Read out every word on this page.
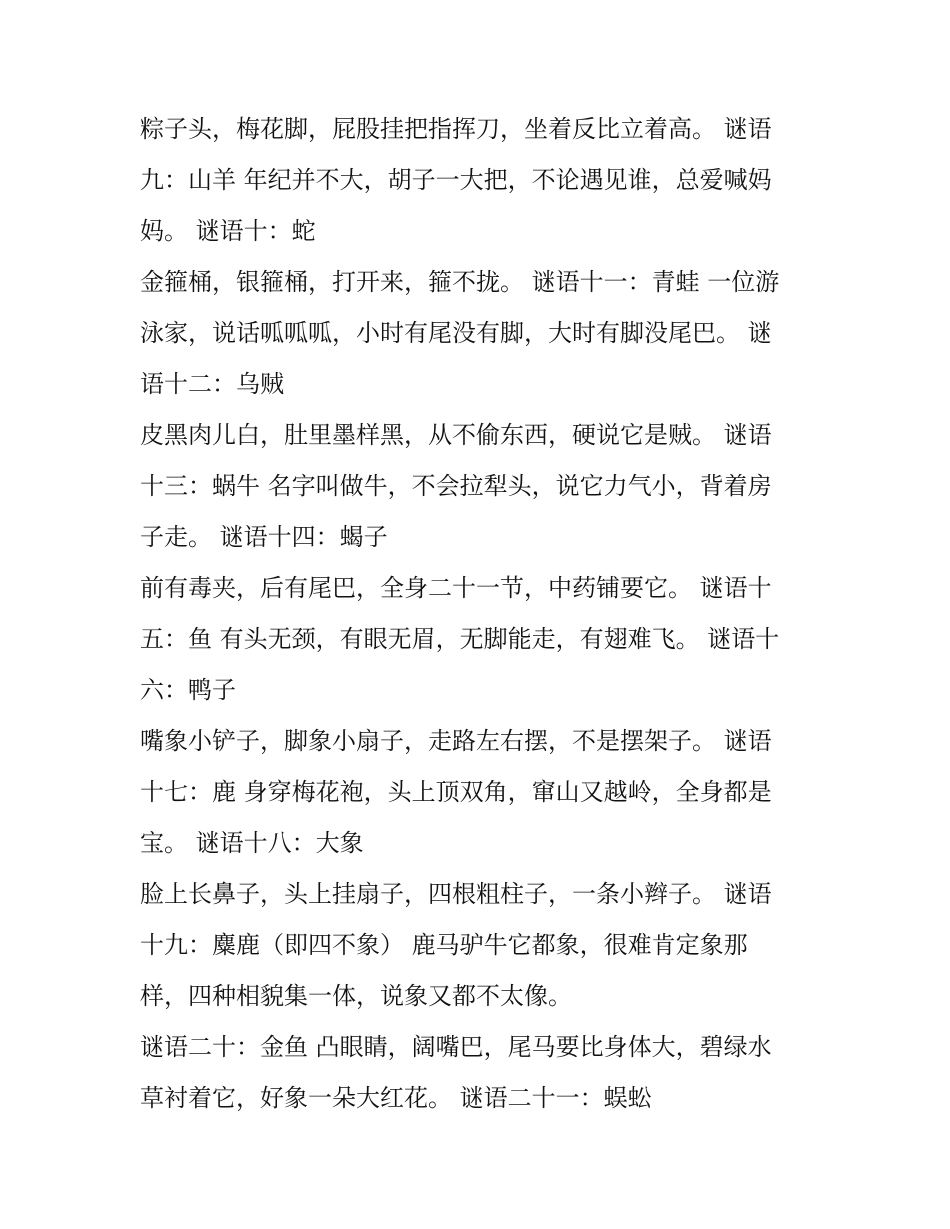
粽子头，梅花脚，屁股挂把指挥刀，坐着反比立着高。 谜语
九：山羊 年纪并不大，胡子一大把，不论遇见谁，总爱喊妈
妈。 谜语十：蛇
金箍桶，银箍桶，打开来，箍不拢。 谜语十一：青蛙 一位游
泳家，说话呱呱呱，小时有尾没有脚，大时有脚没尾巴。 谜
语十二：乌贼
皮黑肉儿白，肚里墨样黑，从不偷东西，硬说它是贼。 谜语
十三：蜗牛 名字叫做牛，不会拉犁头，说它力气小，背着房
子走。 谜语十四：蝎子
前有毒夹，后有尾巴，全身二十一节，中药铺要它。 谜语十
五：鱼 有头无颈，有眼无眉，无脚能走，有翅难飞。 谜语十
六：鸭子
嘴象小铲子，脚象小扇子，走路左右摆，不是摆架子。 谜语
十七：鹿 身穿梅花袍，头上顶双角，窜山又越岭，全身都是
宝。 谜语十八：大象
脸上长鼻子，头上挂扇子，四根粗柱子，一条小辫子。 谜语
十九：麋鹿（即四不象） 鹿马驴牛它都象，很难肯定象那
样，四种相貌集一体，说象又都不太像。
谜语二十：金鱼 凸眼睛，阔嘴巴，尾马要比身体大，碧绿水
草衬着它，好象一朵大红花。 谜语二十一：蜈蚣
